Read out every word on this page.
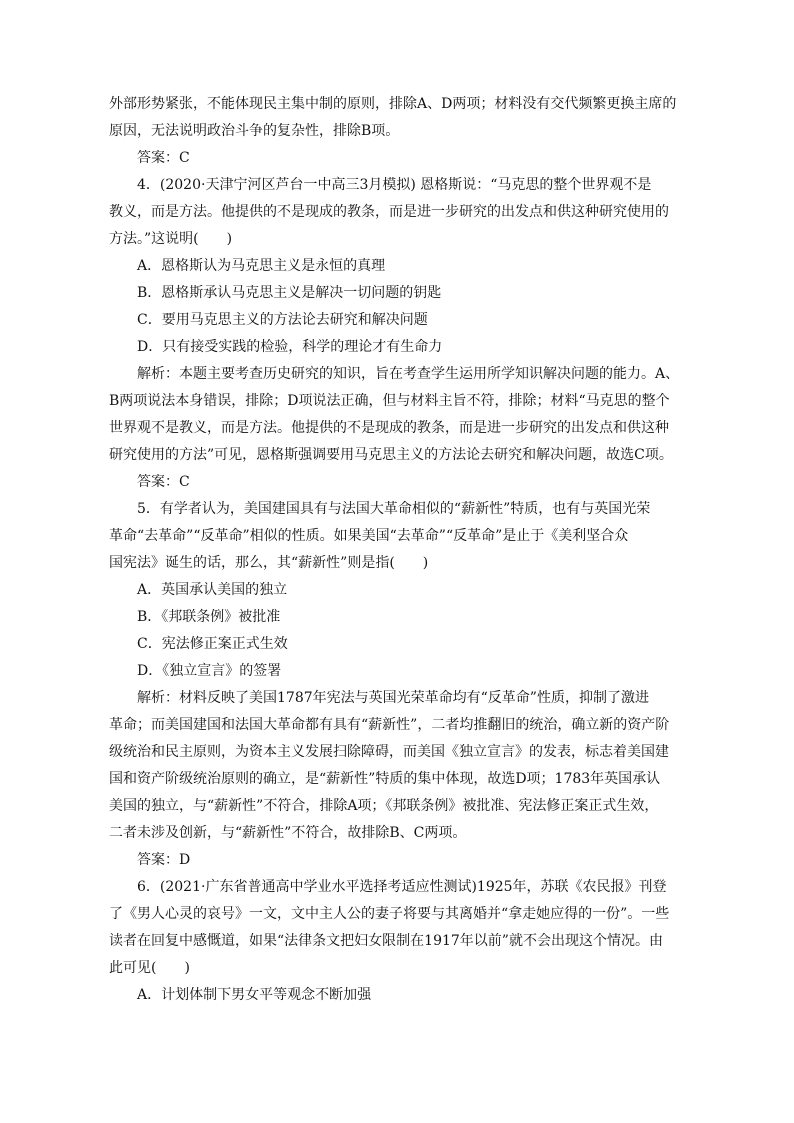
外部形势紧张，不能体现民主集中制的原则，排除A、D两项；材料没有交代频繁更换主席的
原因，无法说明政治斗争的复杂性，排除B项。
答案：C
4．(2020·天津宁河区芦台一中高三3月模拟) 恩格斯说：“马克思的整个世界观不是
教义，而是方法。他提供的不是现成的教条，而是进一步研究的出发点和供这种研究使用的
方法。”这说明(　　)
A．恩格斯认为马克思主义是永恒的真理
B．恩格斯承认马克思主义是解决一切问题的钥匙
C．要用马克思主义的方法论去研究和解决问题
D．只有接受实践的检验，科学的理论才有生命力
解析：本题主要考查历史研究的知识，旨在考查学生运用所学知识解决问题的能力。A、
B两项说法本身错误，排除；D项说法正确，但与材料主旨不符，排除；材料“马克思的整个
世界观不是教义，而是方法。他提供的不是现成的教条，而是进一步研究的出发点和供这种
研究使用的方法”可见，恩格斯强调要用马克思主义的方法论去研究和解决问题，故选C项。
答案：C
5．有学者认为，美国建国具有与法国大革命相似的“薪新性”特质，也有与英国光荣
革命“去革命”“反革命”相似的性质。如果美国“去革命”“反革命”是止于《美利坚合众
国宪法》诞生的话，那么，其“薪新性”则是指(　　)
A．英国承认美国的独立
B．《邦联条例》被批准
C．宪法修正案正式生效
D．《独立宣言》的签署
解析：材料反映了美国1787年宪法与英国光荣革命均有“反革命”性质，抑制了激进
革命；而美国建国和法国大革命都有具有“薪新性”，二者均推翻旧的统治，确立新的资产阶
级统治和民主原则，为资本主义发展扫除障碍，而美国《独立宣言》的发表，标志着美国建
国和资产阶级统治原则的确立，是“薪新性”特质的集中体现，故选D项；1783年英国承认
美国的独立，与“薪新性”不符合，排除A项；《邦联条例》被批准、宪法修正案正式生效，
二者未涉及创新，与“薪新性”不符合，故排除B、C两项。
答案：D
6．(2021·广东省普通高中学业水平选择考适应性测试)1925年，苏联《农民报》刊登
了《男人心灵的哀号》一文，文中主人公的妻子将要与其离婚并“拿走她应得的一份”。一些
读者在回复中感慨道，如果“法律条文把妇女限制在1917年以前”就不会出现这个情况。由
此可见(　　)
A．计划体制下男女平等观念不断加强
